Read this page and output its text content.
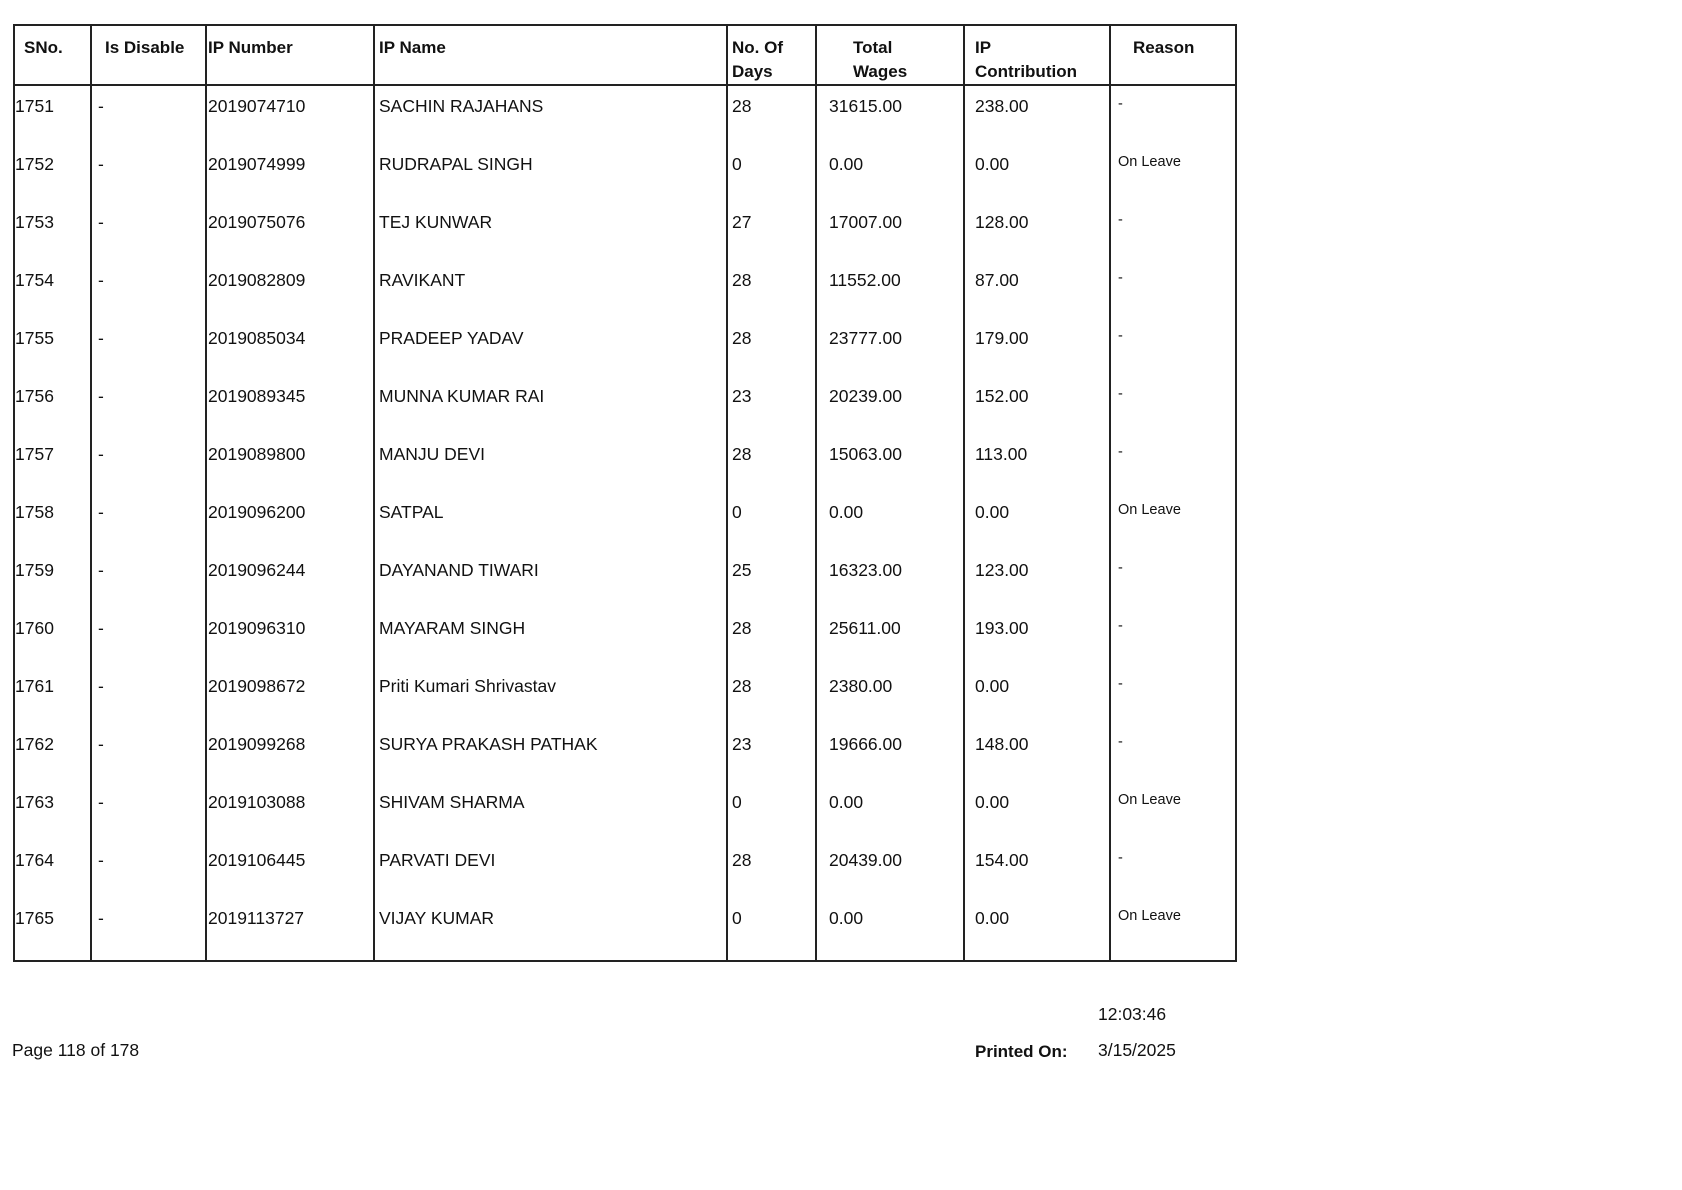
SNo.	Is Disable	IP Number	IP Name	No. Of Days	Total Wages	IP Contribution	Reason

1751	-	2019074710	SACHIN RAJAHANS	28	31615.00	238.00	-

1752	-	2019074999	RUDRAPAL SINGH	0	0.00	0.00	On Leave

1753	-	2019075076	TEJ KUNWAR	27	17007.00	128.00	-

1754	-	2019082809	RAVIKANT	28	11552.00	87.00	-

1755	-	2019085034	PRADEEP YADAV	28	23777.00	179.00	-

1756	-	2019089345	MUNNA KUMAR RAI	23	20239.00	152.00	-

1757	-	2019089800	MANJU DEVI	28	15063.00	113.00	-

1758	-	2019096200	SATPAL	0	0.00	0.00	On Leave

1759	-	2019096244	DAYANAND TIWARI	25	16323.00	123.00	-

1760	-	2019096310	MAYARAM SINGH	28	25611.00	193.00	-

1761	-	2019098672	Priti Kumari Shrivastav	28	2380.00	0.00	-

1762	-	2019099268	SURYA PRAKASH PATHAK	23	19666.00	148.00	-

1763	-	2019103088	SHIVAM SHARMA	0	0.00	0.00	On Leave

1764	-	2019106445	PARVATI DEVI	28	20439.00	154.00	-

1765	-	2019113727	VIJAY KUMAR	0	0.00	0.00	On Leave
Page 118 of 178	Printed On:
12:03:46
3/15/2025
